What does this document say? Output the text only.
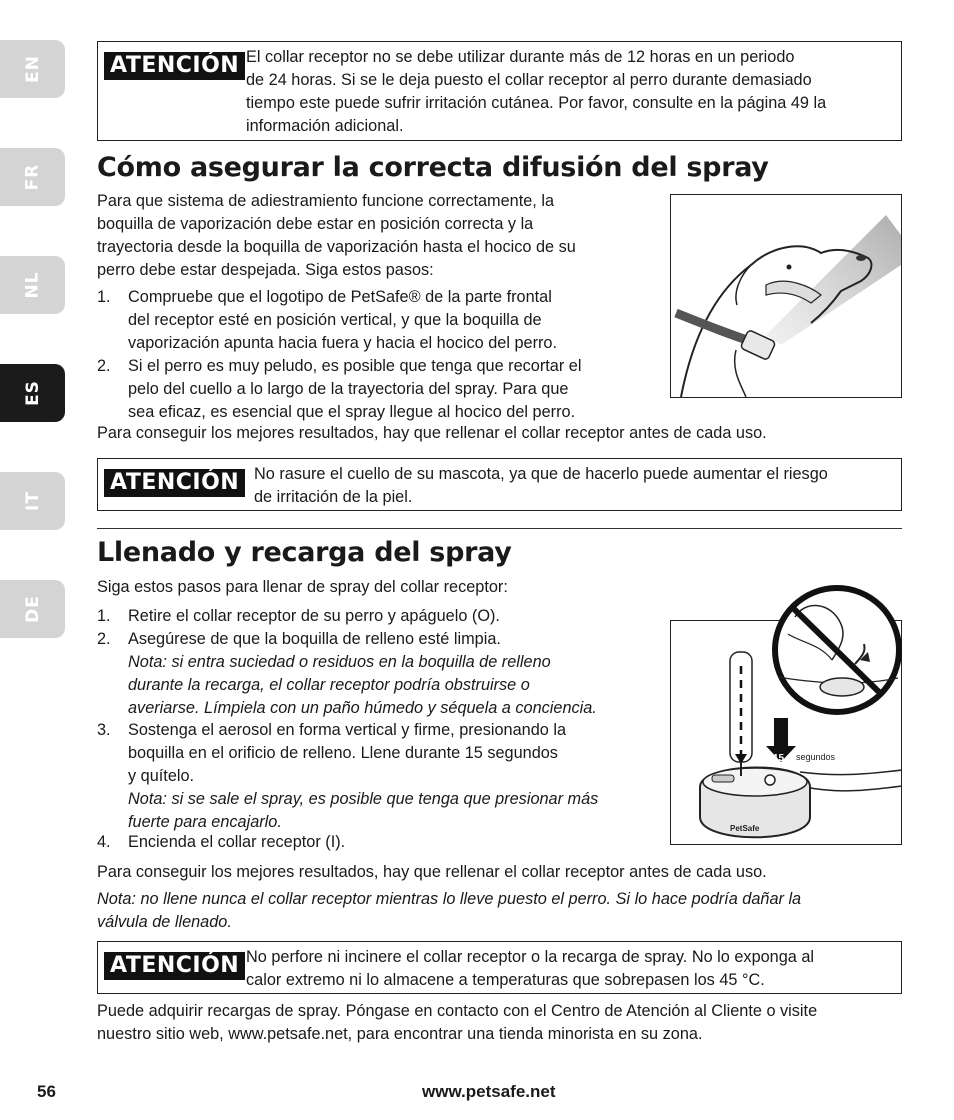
EN
FR
NL
ES
IT
DE
ATENCIÓN El collar receptor no se debe utilizar durante más de 12 horas en un periodo
de 24 horas. Si se le deja puesto el collar receptor al perro durante demasiado
tiempo este puede sufrir irritación cutánea. Por favor, consulte en la página 49 la
información adicional.
Cómo asegurar la correcta difusión del spray
Para que sistema de adiestramiento funcione correctamente, la
boquilla de vaporización debe estar en posición correcta y la
trayectoria desde la boquilla de vaporización hasta el hocico de su
perro debe estar despejada. Siga estos pasos:
1. Compruebe que el logotipo de PetSafe® de la parte frontal
del receptor esté en posición vertical, y que la boquilla de
vaporización apunta hacia fuera y hacia el hocico del perro.
2. Si el perro es muy peludo, es posible que tenga que recortar el
pelo del cuello a lo largo de la trayectoria del spray. Para que
sea eficaz, es esencial que el spray llegue al hocico del perro.
Para conseguir los mejores resultados, hay que rellenar el collar receptor antes de cada uso.
ATENCIÓN No rasure el cuello de su mascota, ya que de hacerlo puede aumentar el riesgo
de irritación de la piel.
Llenado y recarga del spray
Siga estos pasos para llenar de spray del collar receptor:
1. Retire el collar receptor de su perro y apáguelo (O).
2. Asegúrese de que la boquilla de relleno esté limpia.
Nota: si entra suciedad o residuos en la boquilla de relleno
durante la recarga, el collar receptor podría obstruirse o
averiarse. Límpiela con un paño húmedo y séquela a conciencia.
3. Sostenga el aerosol en forma vertical y firme, presionando la
boquilla en el orificio de relleno. Llene durante 15 segundos
y quítelo.
Nota: si se sale el spray, es posible que tenga que presionar más
fuerte para encajarlo.
4. Encienda el collar receptor (I).
Para conseguir los mejores resultados, hay que rellenar el collar receptor antes de cada uso.
Nota: no llene nunca el collar receptor mientras lo lleve puesto el perro. Si lo hace podría dañar la
válvula de llenado.
PetSafe
15 segundos
ATENCIÓN No perfore ni incinere el collar receptor o la recarga de spray. No lo exponga al
calor extremo ni lo almacene a temperaturas que sobrepasen los 45 °C.
Puede adquirir recargas de spray. Póngase en contacto con el Centro de Atención al Cliente o visite
nuestro sitio web, www.petsafe.net, para encontrar una tienda minorista en su zona.
56	www.petsafe.net
